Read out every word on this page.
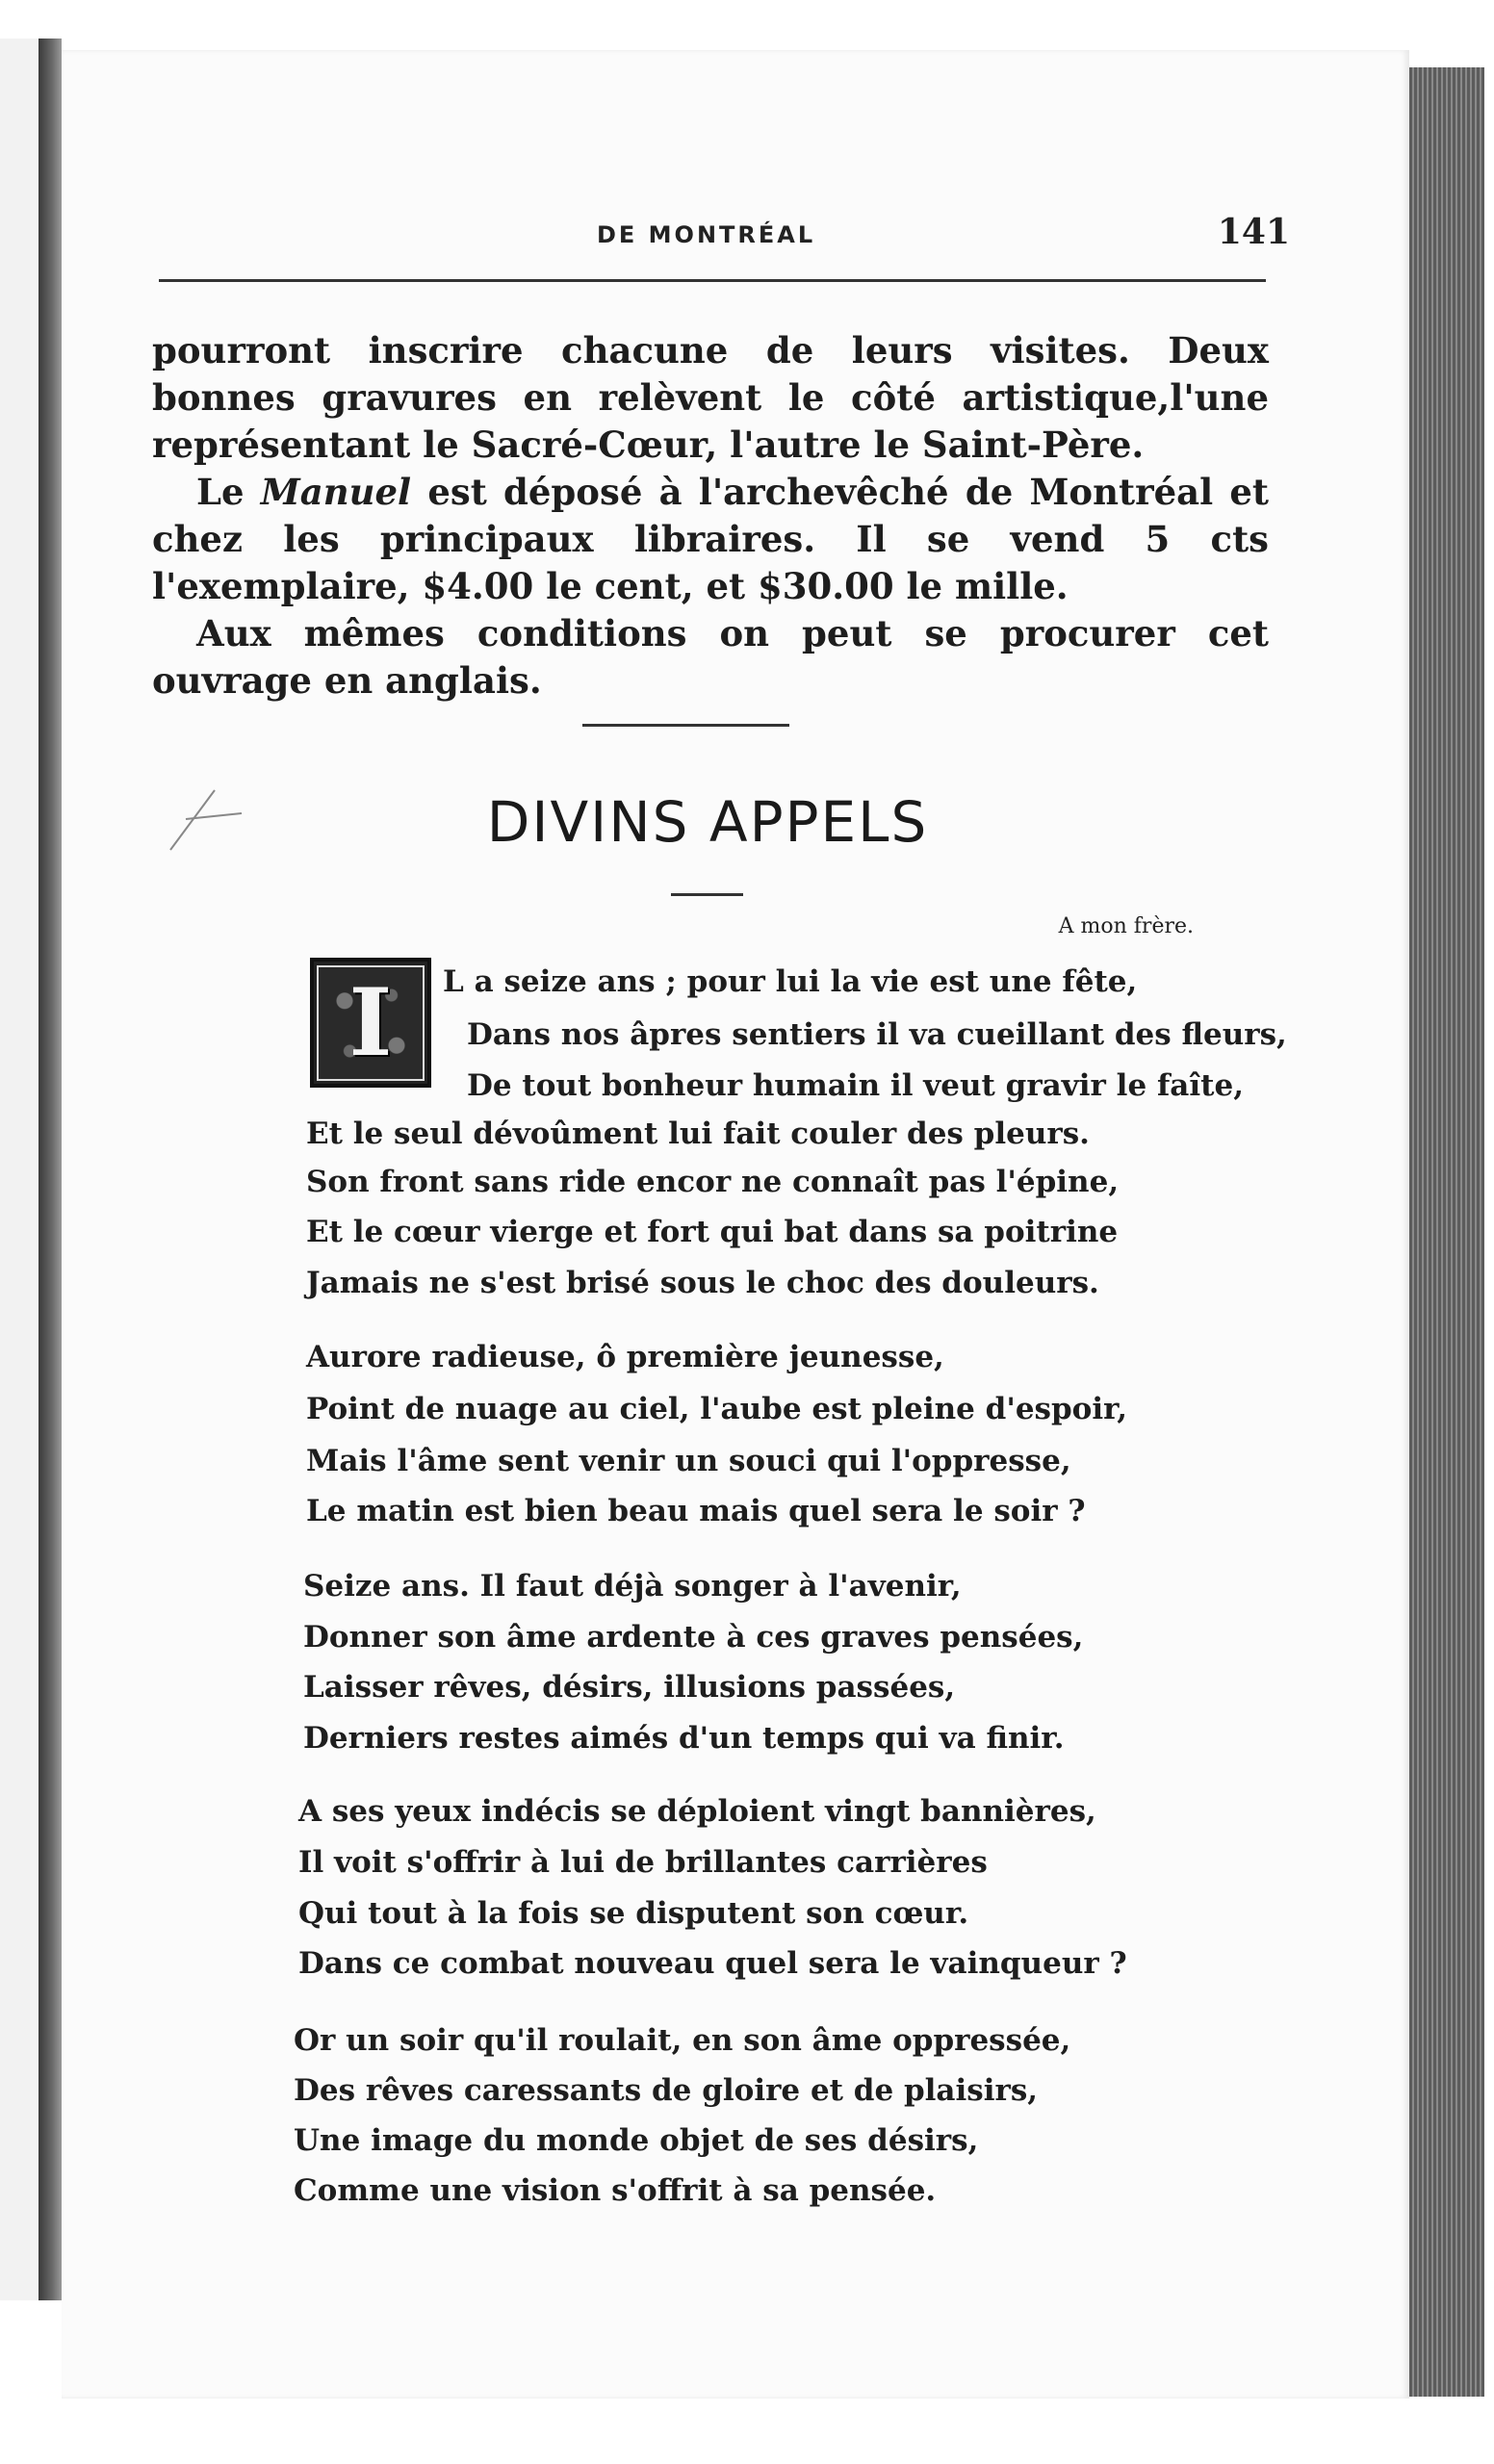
DE MONTRÉAL	141

pourront inscrire chacune de leurs visites. Deux bonnes gravures en relèvent le côté artistique,l'une représentant le Sacré-Cœur, l'autre le Saint-Père.

Le Manuel est déposé à l'archevêché de Montréal et chez les principaux libraires. Il se vend 5 cts l'exemplaire, $4.00 le cent, et $30.00 le mille.

Aux mêmes conditions on peut se procurer cet ouvrage en anglais.

DIVINS APPELS
A mon frère.
I L a seize ans ; pour lui la vie est une fête,
Dans nos âpres sentiers il va cueillant des fleurs,
De tout bonheur humain il veut gravir le faîte,
Et le seul dévoûment lui fait couler des pleurs.
Son front sans ride encor ne connaît pas l'épine,
Et le cœur vierge et fort qui bat dans sa poitrine
Jamais ne s'est brisé sous le choc des douleurs.
Aurore radieuse, ô première jeunesse,
Point de nuage au ciel, l'aube est pleine d'espoir,
Mais l'âme sent venir un souci qui l'oppresse,
Le matin est bien beau mais quel sera le soir ?
Seize ans. Il faut déjà songer à l'avenir,
Donner son âme ardente à ces graves pensées,
Laisser rêves, désirs, illusions passées,
Derniers restes aimés d'un temps qui va finir.
A ses yeux indécis se déploient vingt bannières,
Il voit s'offrir à lui de brillantes carrières
Qui tout à la fois se disputent son cœur.
Dans ce combat nouveau quel sera le vainqueur ?
Or un soir qu'il roulait, en son âme oppressée,
Des rêves caressants de gloire et de plaisirs,
Une image du monde objet de ses désirs,
Comme une vision s'offrit à sa pensée.
